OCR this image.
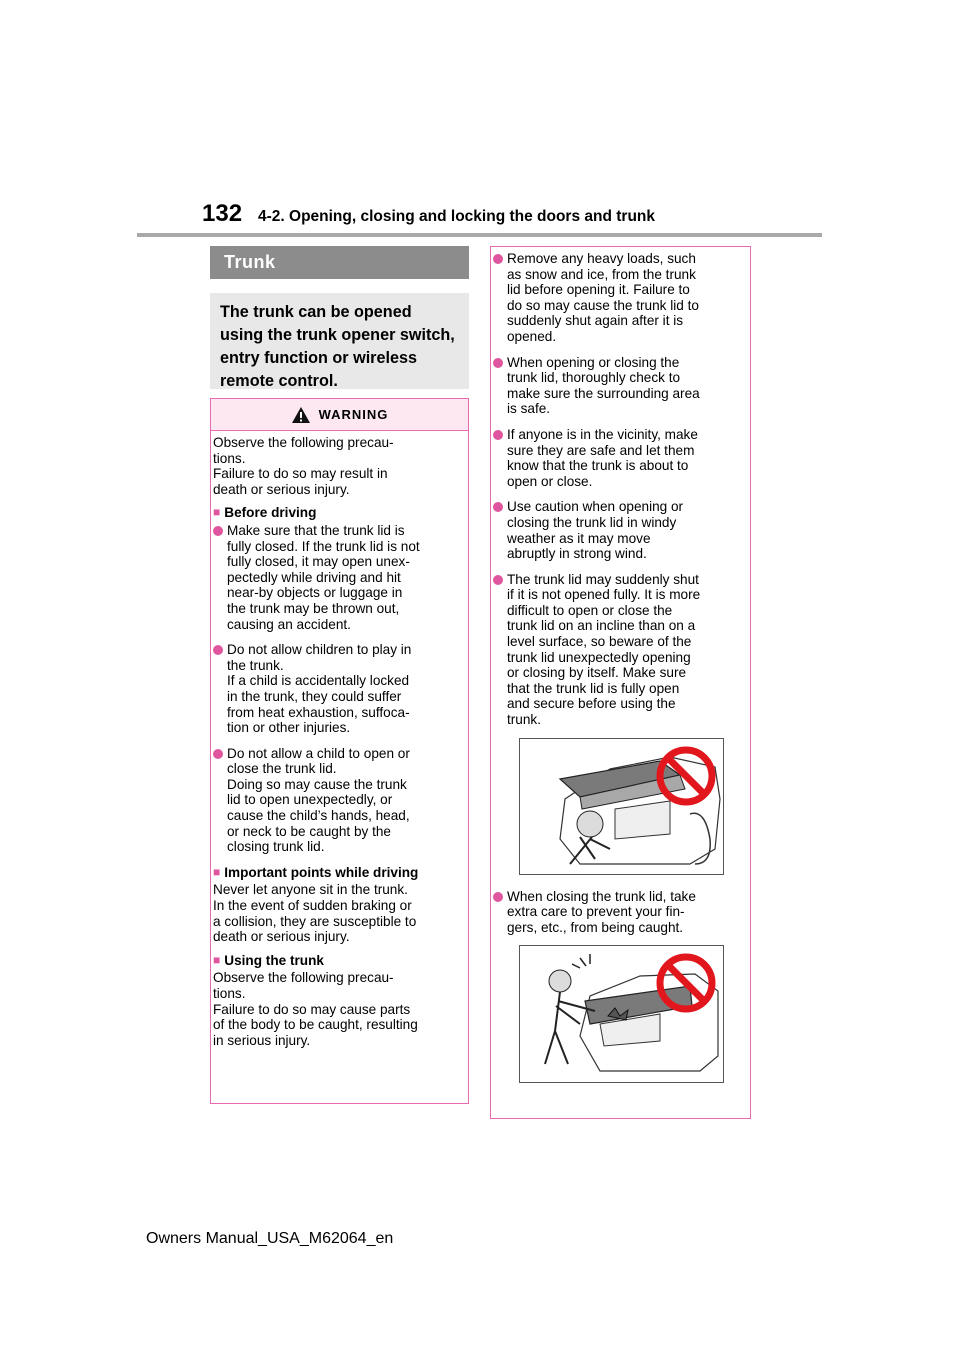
132 4-2. Opening, closing and locking the doors and trunk
Trunk
The trunk can be opened using the trunk opener switch, entry function or wireless remote control.
WARNING
Observe the following precau-
tions.
Failure to do so may result in
death or serious injury.
■ Before driving
Make sure that the trunk lid is
fully closed. If the trunk lid is not
fully closed, it may open unex-
pectedly while driving and hit
near-by objects or luggage in
the trunk may be thrown out,
causing an accident.
Do not allow children to play in
the trunk.
If a child is accidentally locked
in the trunk, they could suffer
from heat exhaustion, suffoca-
tion or other injuries.
Do not allow a child to open or
close the trunk lid.
Doing so may cause the trunk
lid to open unexpectedly, or
cause the child’s hands, head,
or neck to be caught by the
closing trunk lid.
■ Important points while driving
Never let anyone sit in the trunk.
In the event of sudden braking or
a collision, they are susceptible to
death or serious injury.
■ Using the trunk
Observe the following precau-
tions.
Failure to do so may cause parts
of the body to be caught, resulting
in serious injury.
Remove any heavy loads, such
as snow and ice, from the trunk
lid before opening it. Failure to
do so may cause the trunk lid to
suddenly shut again after it is
opened.
When opening or closing the
trunk lid, thoroughly check to
make sure the surrounding area
is safe.
If anyone is in the vicinity, make
sure they are safe and let them
know that the trunk is about to
open or close.
Use caution when opening or
closing the trunk lid in windy
weather as it may move
abruptly in strong wind.
The trunk lid may suddenly shut
if it is not opened fully. It is more
difficult to open or close the
trunk lid on an incline than on a
level surface, so beware of the
trunk lid unexpectedly opening
or closing by itself. Make sure
that the trunk lid is fully open
and secure before using the
trunk.
When closing the trunk lid, take
extra care to prevent your fin-
gers, etc., from being caught.
Owners Manual_USA_M62064_en
